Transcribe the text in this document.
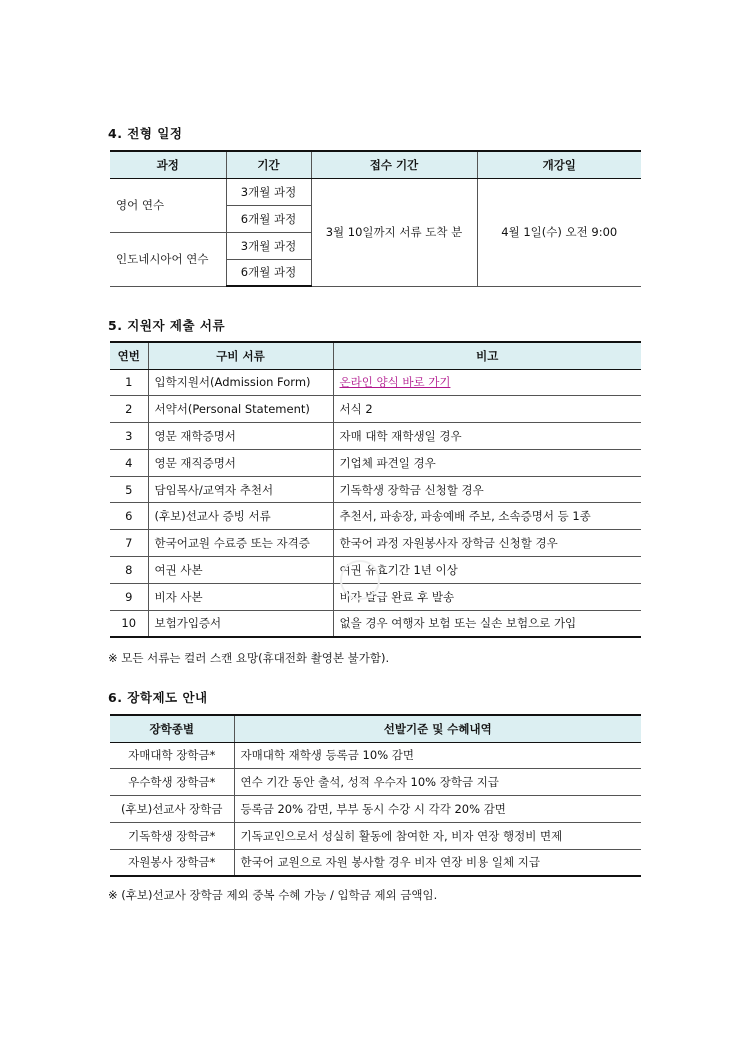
4. 전형 일정
과정	기간	접수 기간	개강일
영어 연수	3개월 과정	3월 10일까지 서류 도착 분	4월 1일(수) 오전 9:00
	6개월 과정		
인도네시아어 연수	3개월 과정		
	6개월 과정		
5. 지원자 제출 서류
연번	구비 서류	비고
1	입학지원서(Admission Form)	온라인 양식 바로 가기
2	서약서(Personal Statement)	서식 2
3	영문 재학증명서	자매 대학 재학생일 경우
4	영문 재직증명서	기업체 파견일 경우
5	담임목사/교역자 추천서	기독학생 장학금 신청할 경우
6	(후보)선교사 증빙 서류	추천서, 파송장, 파송예배 주보, 소속증명서 등 1종
7	한국어교원 수료증 또는 자격증	한국어 과정 자원봉사자 장학금 신청할 경우
8	여권 사본	여권 유효기간 1년 이상
9	비자 사본	비자 발급 완료 후 발송
10	보험가입증서	없을 경우 여행자 보험 또는 실손 보험으로 가입
※ 모든 서류는 컬러 스캔 요망(휴대전화 촬영본 불가함).
6. 장학제도 안내
장학종별	선발기준 및 수혜내역
자매대학 장학금*	자매대학 재학생 등록금 10% 감면
우수학생 장학금*	연수 기간 동안 출석, 성적 우수자 10% 장학금 지급
(후보)선교사 장학금	등록금 20% 감면, 부부 동시 수강 시 각각 20% 감면
기독학생 장학금*	기독교인으로서 성실히 활동에 참여한 자, 비자 연장 행정비 면제
자원봉사 장학금*	한국어 교원으로 자원 봉사할 경우 비자 연장 비용 일체 지급
※ (후보)선교사 장학금 제외 중복 수혜 가능 / 입학금 제외 금액임.
